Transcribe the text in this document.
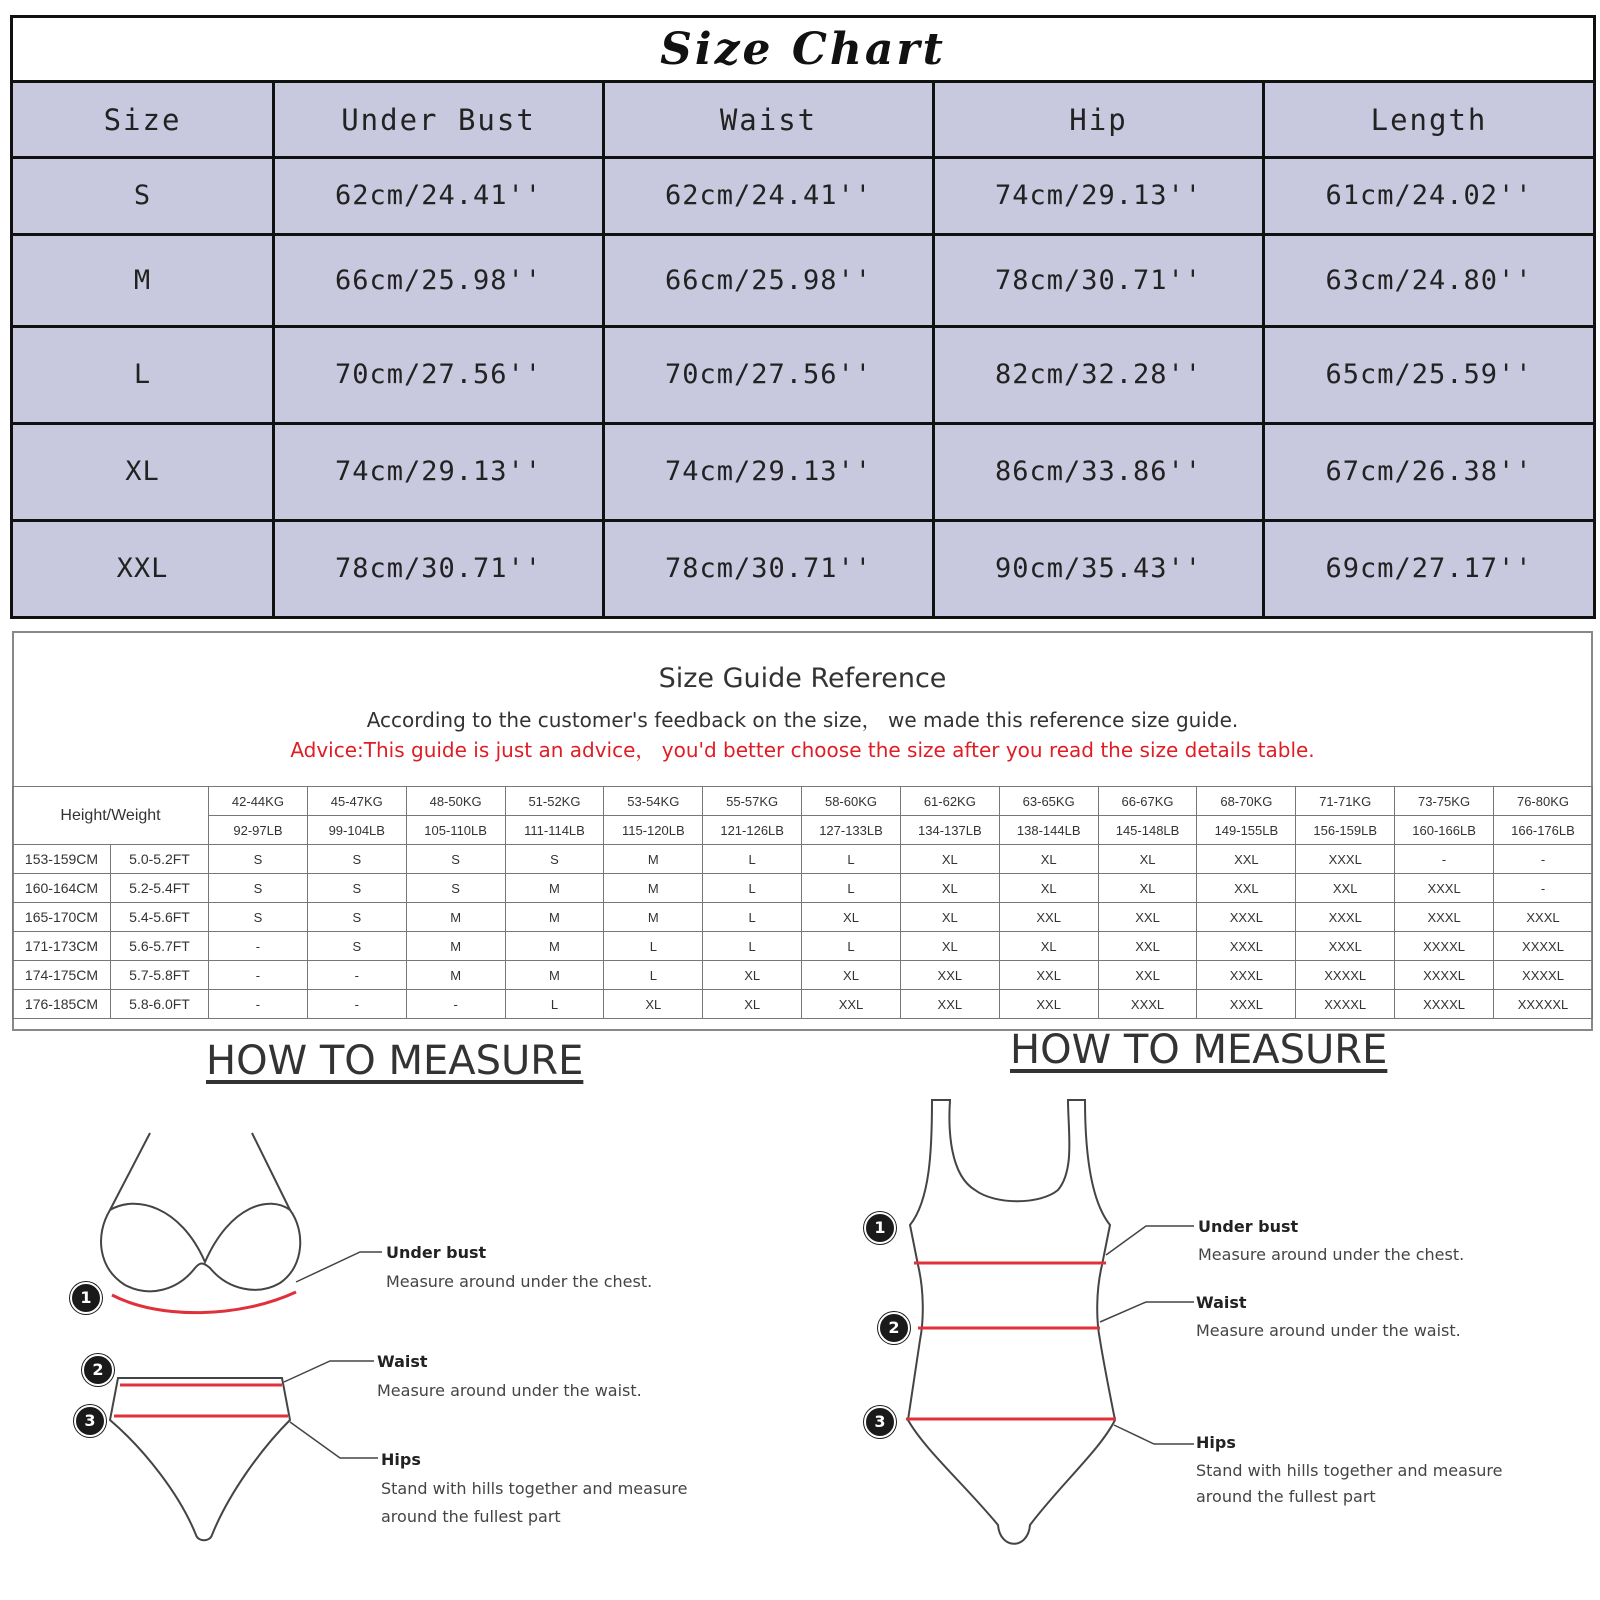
Size Chart				
Size	Under Bust	Waist	Hip	Length
S	62cm/24.41''	62cm/24.41''	74cm/29.13''	61cm/24.02''
M	66cm/25.98''	66cm/25.98''	78cm/30.71''	63cm/24.80''
L	70cm/27.56''	70cm/27.56''	82cm/32.28''	65cm/25.59''
XL	74cm/29.13''	74cm/29.13''	86cm/33.86''	67cm/26.38''
XXL	78cm/30.71''	78cm/30.71''	90cm/35.43''	69cm/27.17''
Size Guide Reference
According to the customer's feedback on the size， we made this reference size guide.
Advice:This guide is just an advice， you'd better choose the size after you read the size details table.
Height/Weight		42-44KG	45-47KG	48-50KG	51-52KG	53-54KG	55-57KG	58-60KG	61-62KG	63-65KG	66-67KG	68-70KG	71-71KG	73-75KG	76-80KG
		92-97LB	99-104LB	105-110LB	111-114LB	115-120LB	121-126LB	127-133LB	134-137LB	138-144LB	145-148LB	149-155LB	156-159LB	160-166LB	166-176LB
153-159CM	5.0-5.2FT	S	S	S	S	M	L	L	XL	XL	XL	XXL	XXXL	-	-
160-164CM	5.2-5.4FT	S	S	S	M	M	L	L	XL	XL	XL	XXL	XXL	XXXL	-
165-170CM	5.4-5.6FT	S	S	M	M	M	L	XL	XL	XXL	XXL	XXXL	XXXL	XXXL	XXXL
171-173CM	5.6-5.7FT	-	S	M	M	L	L	L	XL	XL	XXL	XXXL	XXXL	XXXXL	XXXXL
174-175CM	5.7-5.8FT	-	-	M	M	L	XL	XL	XXL	XXL	XXL	XXXL	XXXXL	XXXXL	XXXXL
176-185CM	5.8-6.0FT	-	-	-	L	XL	XL	XXL	XXL	XXL	XXXL	XXXL	XXXXL	XXXXL	XXXXXL
HOW TO MEASURE	HOW TO MEASURE
1
2
3
1
2
3
Under bust
Measure around under the chest.
Waist
Measure around under the waist.
Hips
Stand with hills together and measure
around the fullest part
Under bust
Measure around under the chest.
Waist
Measure around under the waist.
Hips
Stand with hills together and measure
around the fullest part
